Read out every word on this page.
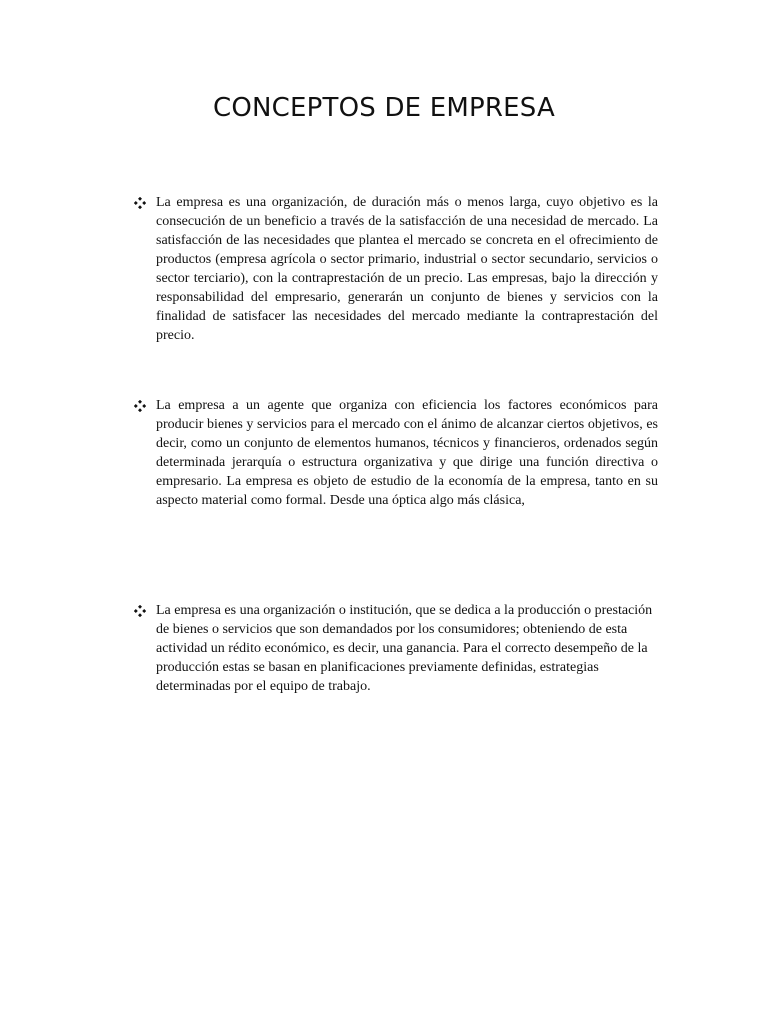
CONCEPTOS DE EMPRESA

La empresa es una organización, de duración más o menos larga, cuyo objetivo es la consecución de un beneficio a través de la satisfacción de una necesidad de mercado. La satisfacción de las necesidades que plantea el mercado se concreta en el ofrecimiento de productos (empresa agrícola o sector primario, industrial o sector secundario, servicios o sector terciario), con la contraprestación de un precio. Las empresas, bajo la dirección y responsabilidad del empresario, generarán un conjunto de bienes y servicios con la finalidad de satisfacer las necesidades del mercado mediante la contraprestación del precio.

La empresa a un agente que organiza con eficiencia los factores económicos para producir bienes y servicios para el mercado con el ánimo de alcanzar ciertos objetivos, es decir, como un conjunto de elementos humanos, técnicos y financieros, ordenados según determinada jerarquía o estructura organizativa y que dirige una función directiva o empresario. La empresa es objeto de estudio de la economía de la empresa, tanto en su aspecto material como formal. Desde una óptica algo más clásica,

La empresa es una organización o institución, que se dedica a la producción o prestación de bienes o servicios que son demandados por los consumidores; obteniendo de esta actividad un rédito económico, es decir, una ganancia. Para el correcto desempeño de la producción estas se basan en planificaciones previamente definidas, estrategias determinadas por el equipo de trabajo.
